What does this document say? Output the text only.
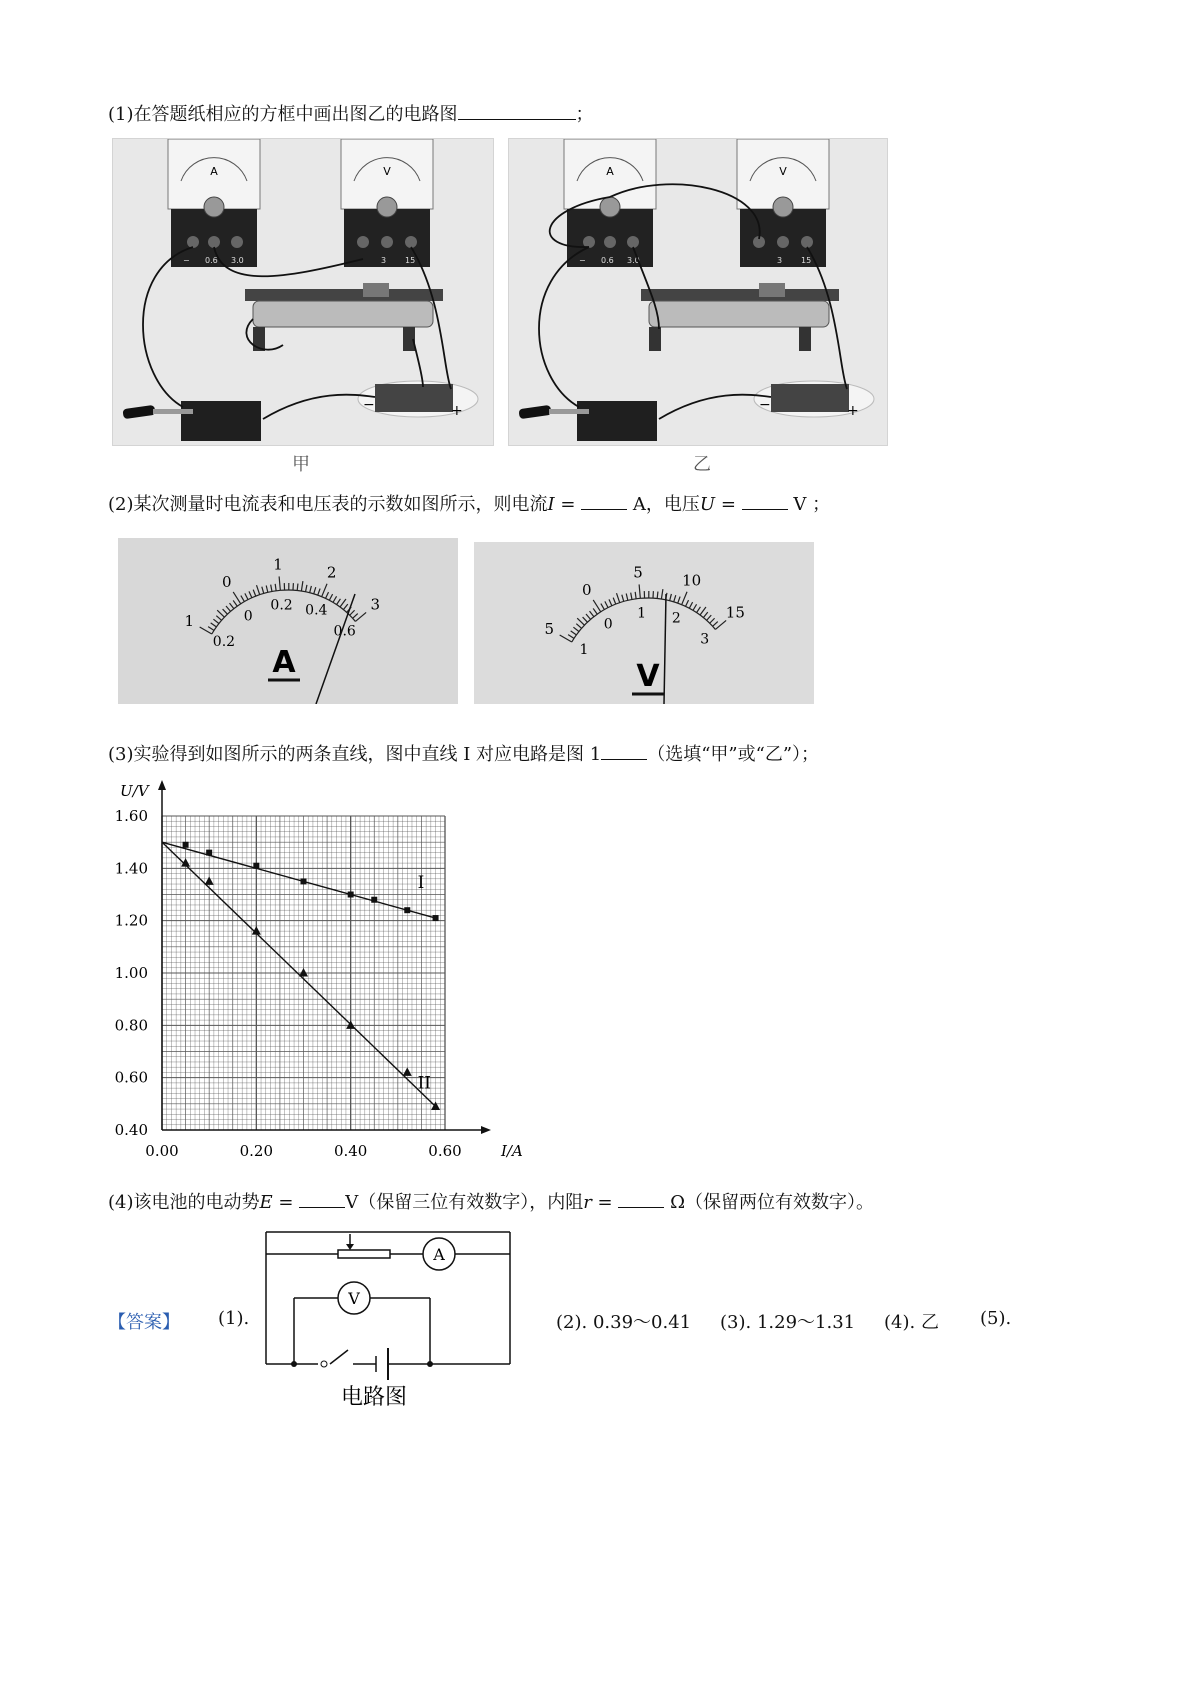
(1)在答题纸相应的方框中画出图乙的电路图	；
A
− 0.6 3.0
V
3 15
−	+
甲
A
− 0.6 3.0
V
3 15
−	+
乙
(2)某次测量时电流表和电压表的示数如图所示，则电流I =	A，电压U =	V ；
1
0
1	2
3
0.2
0
0.2 0.4
0.6	5
0
5	10
15
1
0
1 2
3
A	V
(3)实验得到如图所示的两条直线，图中直线 I 对应电路是图 1	（选填“甲”或“乙”）；
0.00	0.20	0.40	0.60
1.60
1.40
1.20
1.00
0.80
0.60
0.40
I/A
U/V
I
II
(4)该电池的电动势E =	V（保留三位有效数字），内阻r =	Ω（保留两位有效数字）。
【答案】 (1).
A
V
电路图
(2). 0.39～0.41 (3). 1.29～1.31 (4). 乙 (5).
